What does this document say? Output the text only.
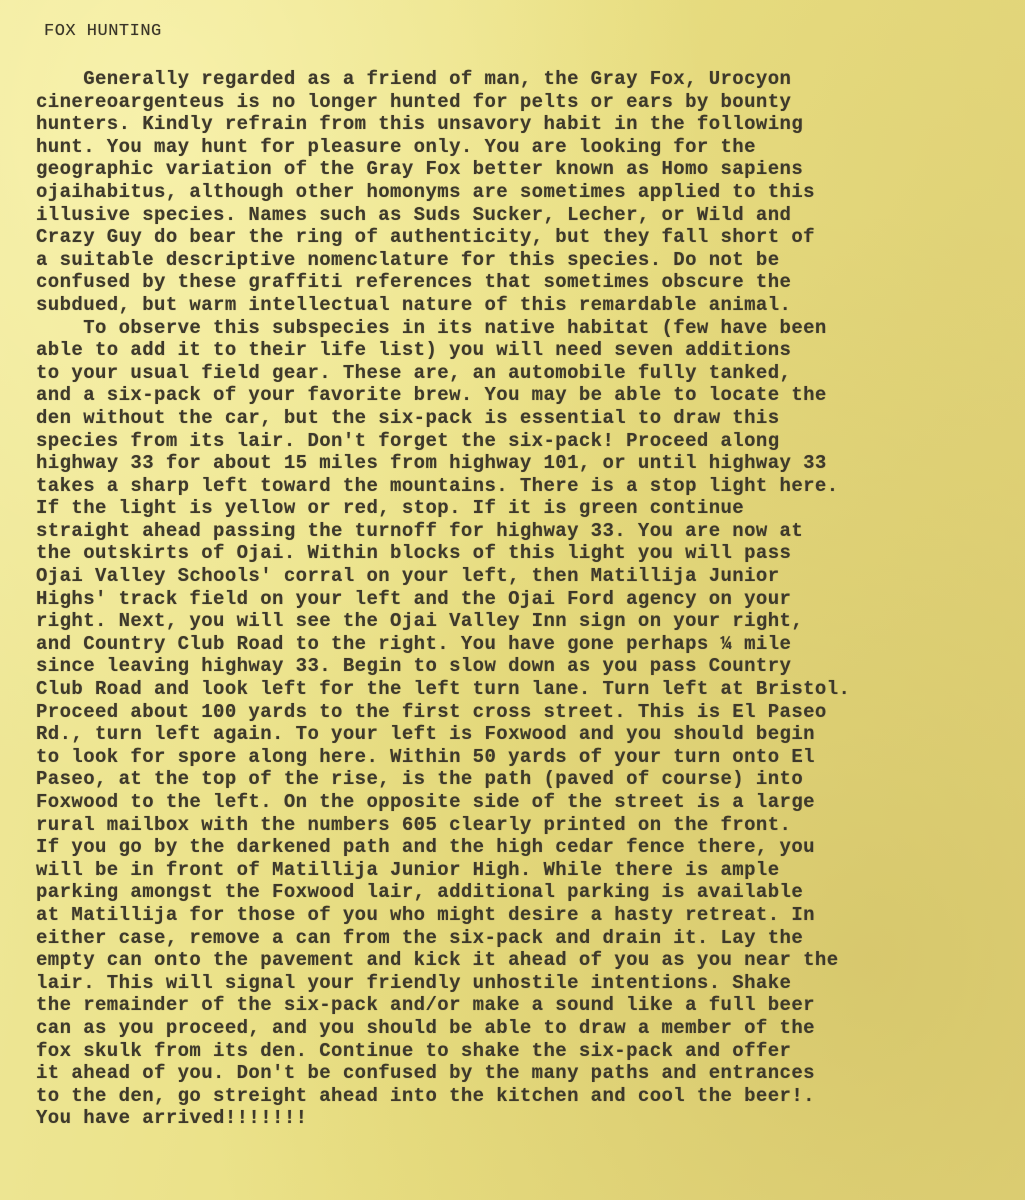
FOX HUNTING
Generally regarded as a friend of man, the Gray Fox, Urocyon
cinereoargenteus is no longer hunted for pelts or ears by bounty
hunters. Kindly refrain from this unsavory habit in the following
hunt. You may hunt for pleasure only. You are looking for the
geographic variation of the Gray Fox better known as Homo sapiens
ojaihabitus, although other homonyms are sometimes applied to this
illusive species. Names such as Suds Sucker, Lecher, or Wild and
Crazy Guy do bear the ring of authenticity, but they fall short of
a suitable descriptive nomenclature for this species. Do not be
confused by these graffiti references that sometimes obscure the
subdued, but warm intellectual nature of this remardable animal.
To observe this subspecies in its native habitat (few have been
able to add it to their life list) you will need seven additions
to your usual field gear. These are, an automobile fully tanked,
and a six-pack of your favorite brew. You may be able to locate the
den without the car, but the six-pack is essential to draw this
species from its lair. Don't forget the six-pack! Proceed along
highway 33 for about 15 miles from highway 101, or until highway 33
takes a sharp left toward the mountains. There is a stop light here.
If the light is yellow or red, stop. If it is green continue
straight ahead passing the turnoff for highway 33. You are now at
the outskirts of Ojai. Within blocks of this light you will pass
Ojai Valley Schools' corral on your left, then Matillija Junior
Highs' track field on your left and the Ojai Ford agency on your
right. Next, you will see the Ojai Valley Inn sign on your right,
and Country Club Road to the right. You have gone perhaps ¼ mile
since leaving highway 33. Begin to slow down as you pass Country
Club Road and look left for the left turn lane. Turn left at Bristol.
Proceed about 100 yards to the first cross street. This is El Paseo
Rd., turn left again. To your left is Foxwood and you should begin
to look for spore along here. Within 50 yards of your turn onto El
Paseo, at the top of the rise, is the path (paved of course) into
Foxwood to the left. On the opposite side of the street is a large
rural mailbox with the numbers 605 clearly printed on the front.
If you go by the darkened path and the high cedar fence there, you
will be in front of Matillija Junior High. While there is ample
parking amongst the Foxwood lair, additional parking is available
at Matillija for those of you who might desire a hasty retreat. In
either case, remove a can from the six-pack and drain it. Lay the
empty can onto the pavement and kick it ahead of you as you near the
lair. This will signal your friendly unhostile intentions. Shake
the remainder of the six-pack and/or make a sound like a full beer
can as you proceed, and you should be able to draw a member of the
fox skulk from its den. Continue to shake the six-pack and offer
it ahead of you. Don't be confused by the many paths and entrances
to the den, go streight ahead into the kitchen and cool the beer!.
You have arrived!!!!!!!
